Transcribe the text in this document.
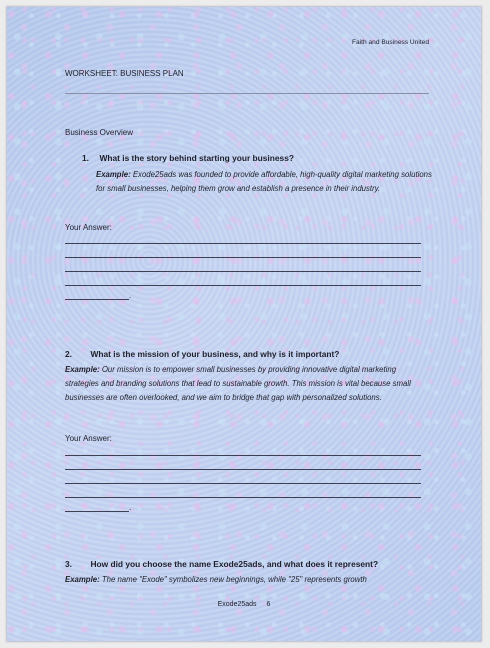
Faith and Business United
WORKSHEET: BUSINESS PLAN
Business Overview
1. What is the story behind starting your business?
Example: Exode25ads was founded to provide affordable, high-quality digital marketing solutions for small businesses, helping them grow and establish a presence in their industry.
Your Answer:
.
2. What is the mission of your business, and why is it important?
Example: Our mission is to empower small businesses by providing innovative digital marketing strategies and branding solutions that lead to sustainable growth. This mission is vital because small businesses are often overlooked, and we aim to bridge that gap with personalized solutions.
Your Answer:
.
3. How did you choose the name Exode25ads, and what does it represent?
Example: The name "Exode" symbolizes new beginnings, while "25" represents growth
Exode25ads 6
